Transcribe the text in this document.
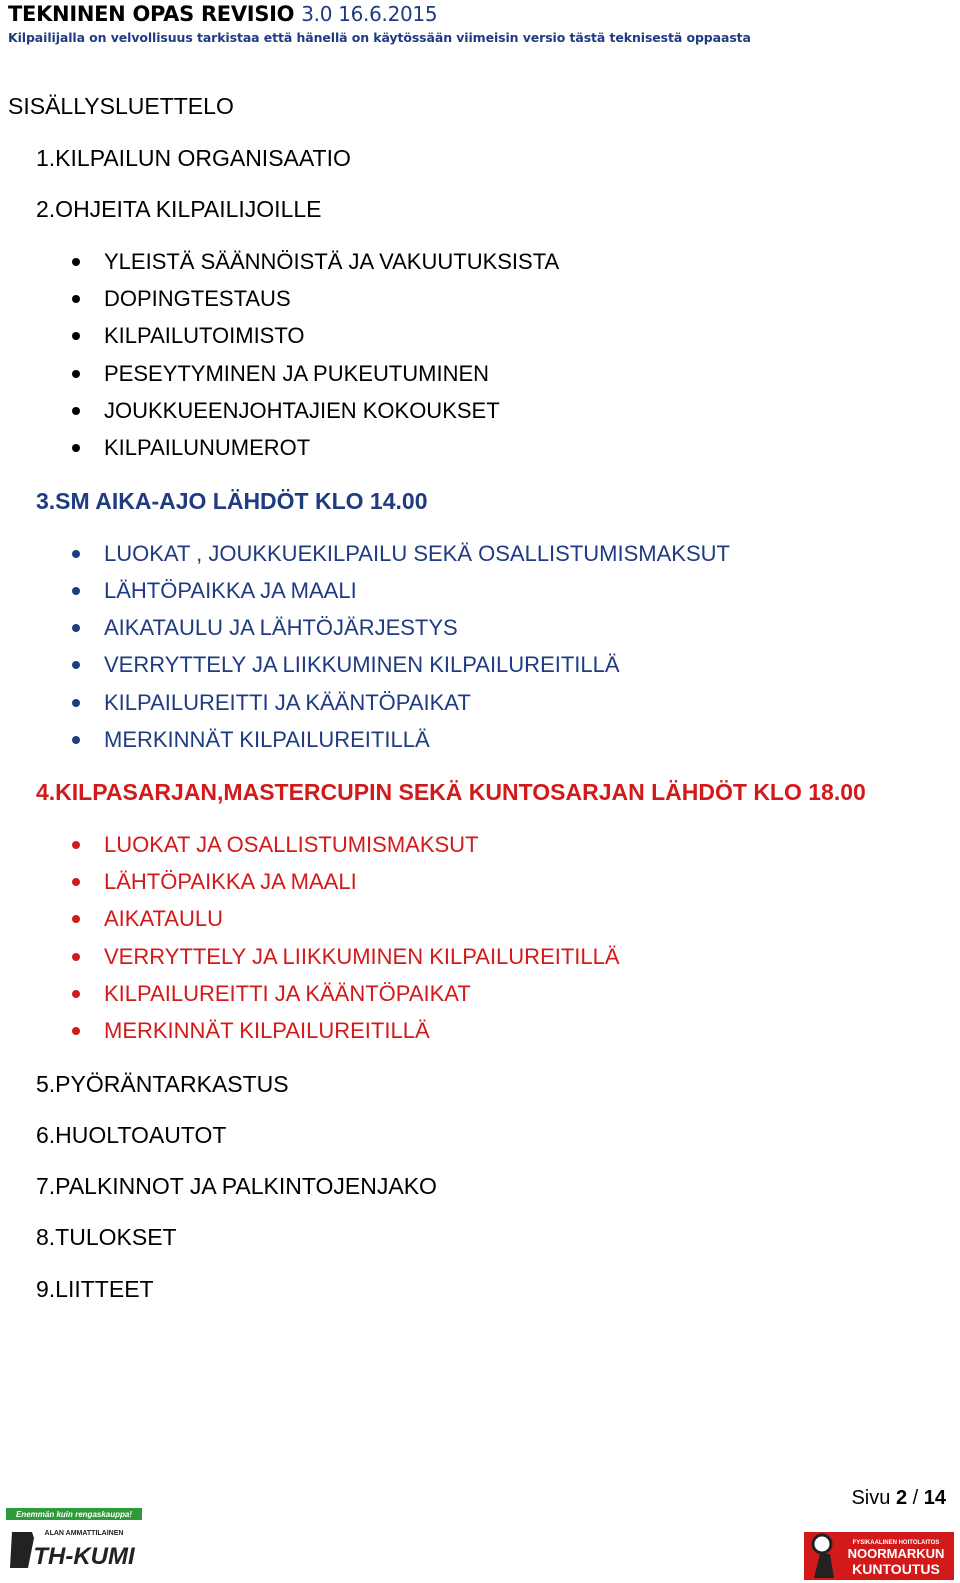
TEKNINEN OPAS REVISIO 3.0 16.6.2015
Kilpailijalla on velvollisuus tarkistaa että hänellä on käytössään viimeisin versio tästä teknisestä oppaasta
SISÄLLYSLUETTELO
1.KILPAILUN ORGANISAATIO
2.OHJEITA KILPAILIJOILLE
YLEISTÄ SÄÄNNÖISTÄ JA VAKUUTUKSISTA
DOPINGTESTAUS
KILPAILUTOIMISTO
PESEYTYMINEN JA PUKEUTUMINEN
JOUKKUEENJOHTAJIEN KOKOUKSET
KILPAILUNUMEROT
3.SM AIKA-AJO LÄHDÖT KLO 14.00
LUOKAT , JOUKKUEKILPAILU SEKÄ OSALLISTUMISMAKSUT
LÄHTÖPAIKKA JA MAALI
AIKATAULU JA LÄHTÖJÄRJESTYS
VERRYTTELY JA LIIKKUMINEN KILPAILUREITILLÄ
KILPAILUREITTI JA KÄÄNTÖPAIKAT
MERKINNÄT KILPAILUREITILLÄ
4.KILPASARJAN,MASTERCUPIN SEKÄ KUNTOSARJAN LÄHDÖT KLO 18.00
LUOKAT JA OSALLISTUMISMAKSUT
LÄHTÖPAIKKA JA MAALI
AIKATAULU
VERRYTTELY JA LIIKKUMINEN KILPAILUREITILLÄ
KILPAILUREITTI JA KÄÄNTÖPAIKAT
MERKINNÄT KILPAILUREITILLÄ
5.PYÖRÄNTARKASTUS
6.HUOLTOAUTOT
7.PALKINNOT JA PALKINTOJENJAKO
8.TULOKSET
9.LIITTEET
Sivu 2 / 14
Enemmän kuin rengaskauppa!
ALAN AMMATTILAINEN
TH-KUMI	FYSIKAALINEN HOITOLAITOS
NOORMARKUN
KUNTOUTUS
